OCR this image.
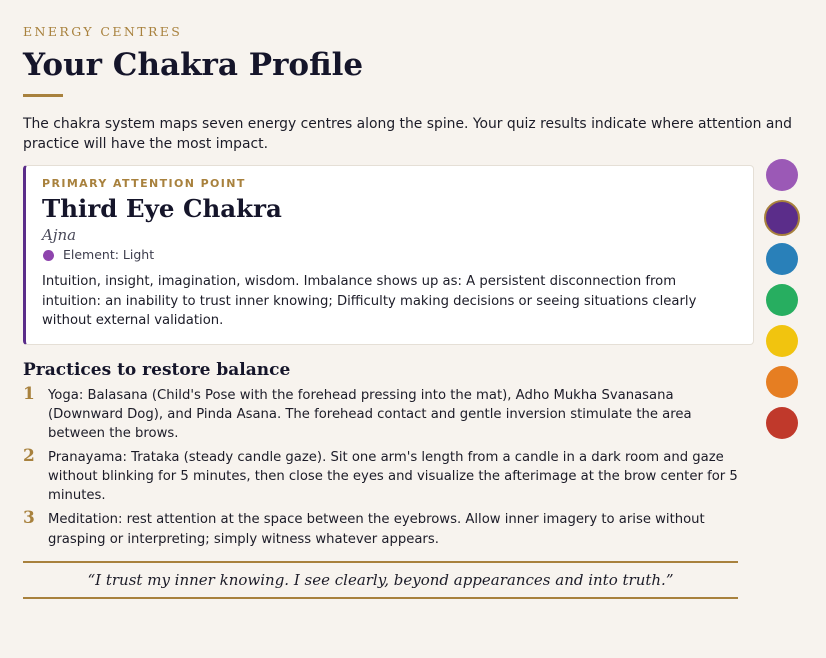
ENERGY CENTRES

Your Chakra Profile

The chakra system maps seven energy centres along the spine. Your quiz results indicate where attention and practice will have the most impact.

PRIMARY ATTENTION POINT
Third Eye Chakra
Ajna
Element: Light
Intuition, insight, imagination, wisdom. Imbalance shows up as: A persistent disconnection from intuition: an inability to trust inner knowing; Difficulty making decisions or seeing situations clearly without external validation.
Practices to restore balance
1 Yoga: Balasana (Child's Pose with the forehead pressing into the mat), Adho Mukha Svanasana (Downward Dog), and Pinda Asana. The forehead contact and gentle inversion stimulate the area between the brows.
2 Pranayama: Trataka (steady candle gaze). Sit one arm's length from a candle in a dark room and gaze without blinking for 5 minutes, then close the eyes and visualize the afterimage at the brow center for 5 minutes.
3 Meditation: rest attention at the space between the eyebrows. Allow inner imagery to arise without grasping or interpreting; simply witness whatever appears.
“I trust my inner knowing. I see clearly, beyond appearances and into truth.”
